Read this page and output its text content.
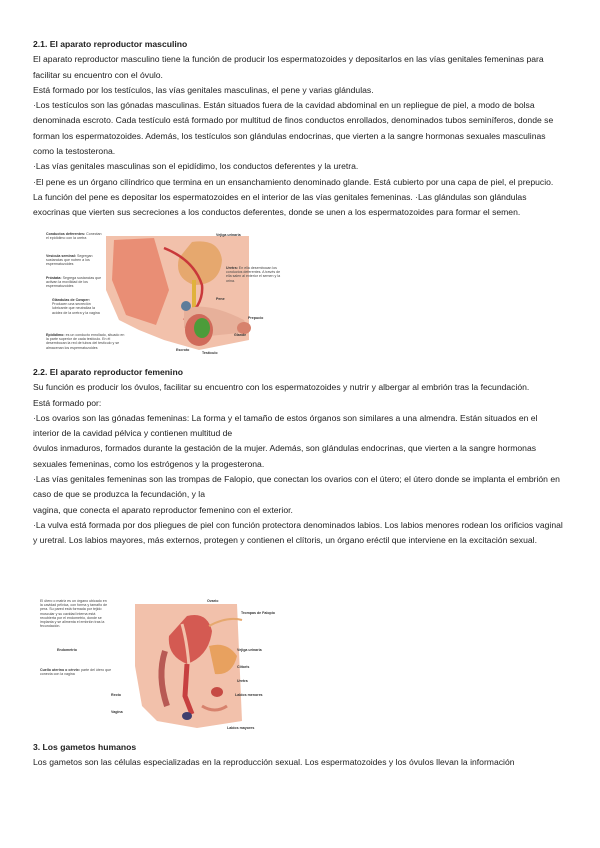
2.1. El aparato reproductor masculino

El aparato reproductor masculino tiene la función de producir los espermatozoides y depositarlos en las vías genitales femeninas para facilitar su encuentro con el óvulo.

Está formado por los testículos, las vías genitales masculinas, el pene y varias glándulas.

·Los testículos son las gónadas masculinas. Están situados fuera de la cavidad abdominal en un repliegue de piel, a modo de bolsa denominada escroto. Cada testículo está formado por multitud de finos conductos enrollados, denominados tubos seminíferos, donde se forman los espermatozoides. Además, los testículos son glándulas endocrinas, que vierten a la sangre hormonas sexuales masculinas como la testosterona.

·Las vías genitales masculinas son el epidídimo, los conductos deferentes y la uretra.

·El pene es un órgano cilíndrico que termina en un ensanchamiento denominado glande. Está cubierto por una capa de piel, el prepucio. La función del pene es depositar los espermatozoides en el interior de las vías genitales femeninas. ·Las glándulas son glándulas exocrinas que vierten sus secreciones a los conductos deferentes, donde se unen a los espermatozoides para formar el semen.

Conductos deferentes: Conectan el epidídimo con la uretra
Vesícula seminal: Segregan sustancias que nutren a los espermatozoides
Próstata: Segrega sustancias que activan la movilidad de los espermatozoides
Glándulas de Cowper: Producen una secreción lubricante que neutraliza la acidez de la uretra y la vagina
Epidídimo: es un conducto enrollado, situado en la parte superior de cada testículo. En él desembocan la red de tubos del testículo y se almacenan los espermatozoides
Vejiga urinaria
Uretra: En ella desembocan los conductos deferentes. A través de ella salen al exterior el semen y la orina.
Pene
Prepucio
Glande
Testículo
Escroto

2.2. El aparato reproductor femenino

Su función es producir los óvulos, facilitar su encuentro con los espermatozoides y nutrir y albergar al embrión tras la fecundación.

Está formado por:

·Los ovarios son las gónadas femeninas: La forma y el tamaño de estos órganos son similares a una almendra. Están situados en el interior de la cavidad pélvica y contienen multitud de

óvulos inmaduros, formados durante la gestación de la mujer. Además, son glándulas endocrinas, que vierten a la sangre hormonas sexuales femeninas, como los estrógenos y la progesterona.

·Las vías genitales femeninas son las trompas de Falopio, que conectan los ovarios con el útero; el útero donde se implanta el embrión en caso de que se produzca la fecundación, y la

vagina, que conecta el aparato reproductor femenino con el exterior.

·La vulva está formada por dos pliegues de piel con función protectora denominados labios. Los labios menores rodean los orificios vaginal y uretral. Los labios mayores, más externos, protegen y contienen el clítoris, un órgano eréctil que interviene en la excitación sexual.

El útero o matriz es un órgano ubicado en la cavidad pélvica, con forma y tamaño de pera. Su pared está formada por tejido muscular y su cavidad interna está recubierta por el endometrio, donde se implanta y se alimenta el embrión tras la fecundación.
Endometrio
Cuello uterino o cérvix: parte del útero que conecta con la vagina
Recto
Vagina
Ovario
Trompas de Falopio
Vejiga urinaria
Clítoris
Uretra
Labios menores
Labios mayores

3. Los gametos humanos

Los gametos son las células especializadas en la reproducción sexual. Los espermatozoides y los óvulos llevan la información
